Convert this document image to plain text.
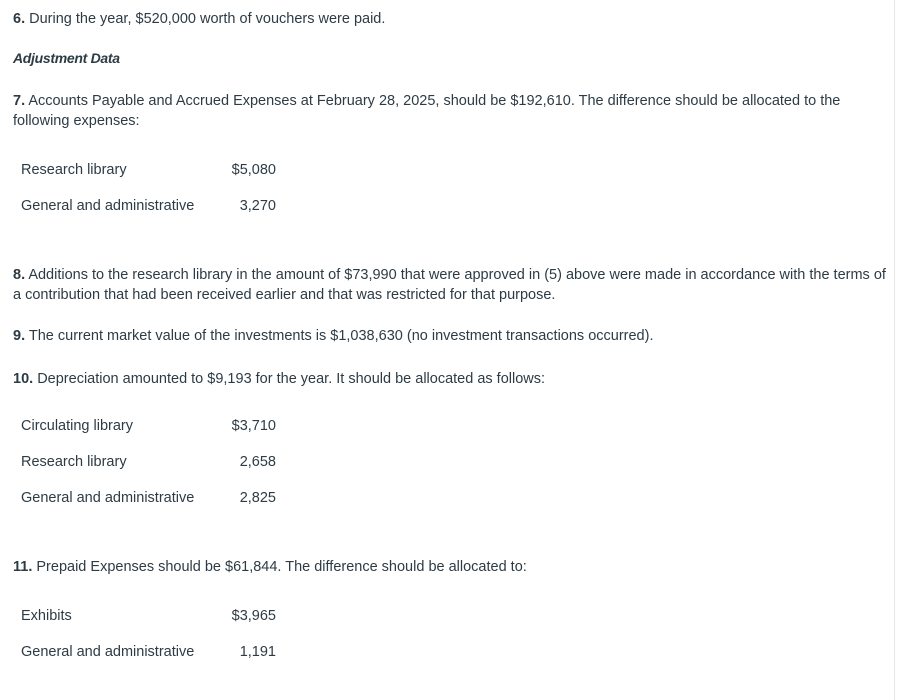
6. During the year, $520,000 worth of vouchers were paid.

Adjustment Data

7. Accounts Payable and Accrued Expenses at February 28, 2025, should be $192,610. The difference should be allocated to the following expenses:

Research library	$5,080
General and administrative	3,270

8. Additions to the research library in the amount of $73,990 that were approved in (5) above were made in accordance with the terms of a contribution that had been received earlier and that was restricted for that purpose.

9. The current market value of the investments is $1,038,630 (no investment transactions occurred).

10. Depreciation amounted to $9,193 for the year. It should be allocated as follows:

Circulating library	$3,710
Research library	2,658
General and administrative	2,825

11. Prepaid Expenses should be $61,844. The difference should be allocated to:

Exhibits	$3,965
General and administrative	1,191
